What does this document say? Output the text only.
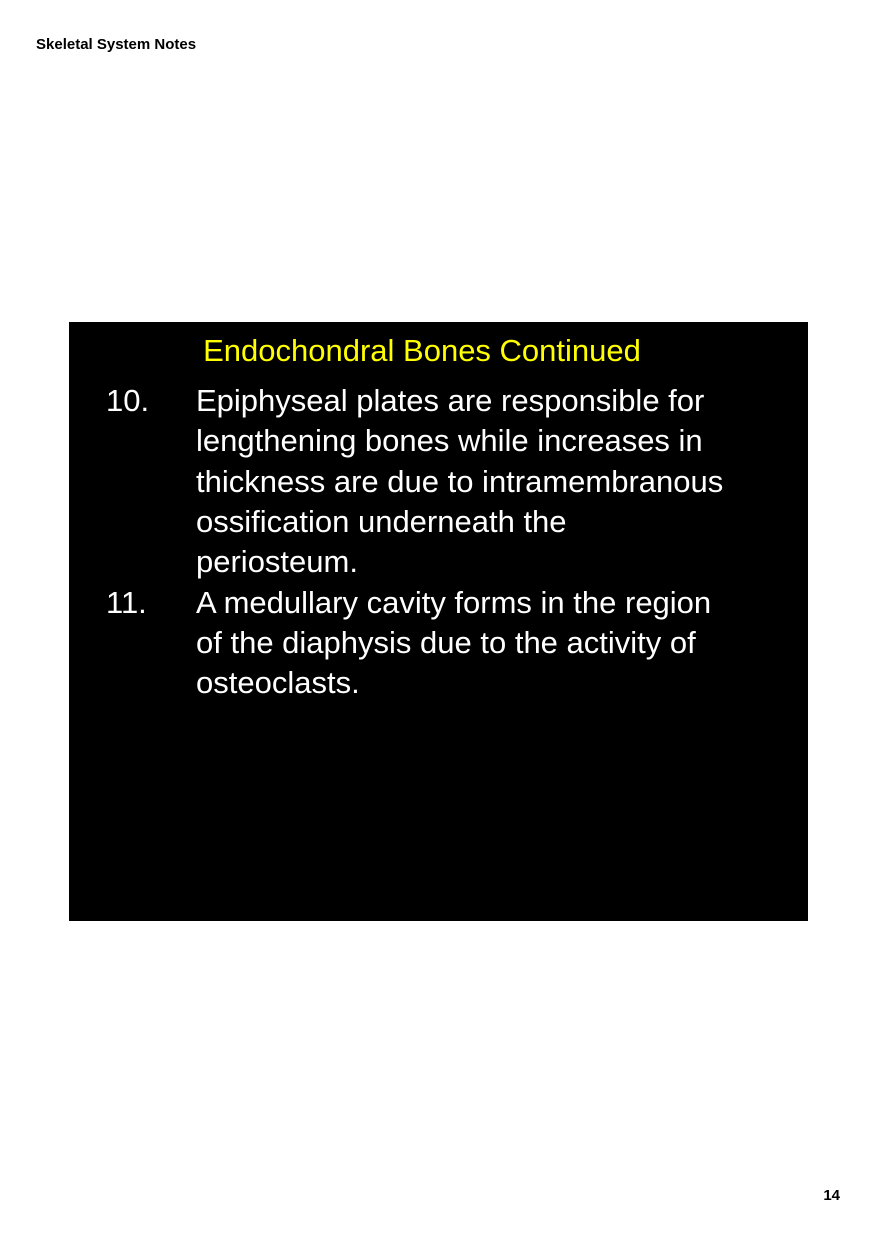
Skeletal System Notes
Endochondral Bones Continued
10. Epiphyseal plates are responsible for
lengthening bones while increases in
thickness are due to intramembranous
ossification underneath the
periosteum.
11. A medullary cavity forms in the region
of the diaphysis due to the activity of
osteoclasts.
14
